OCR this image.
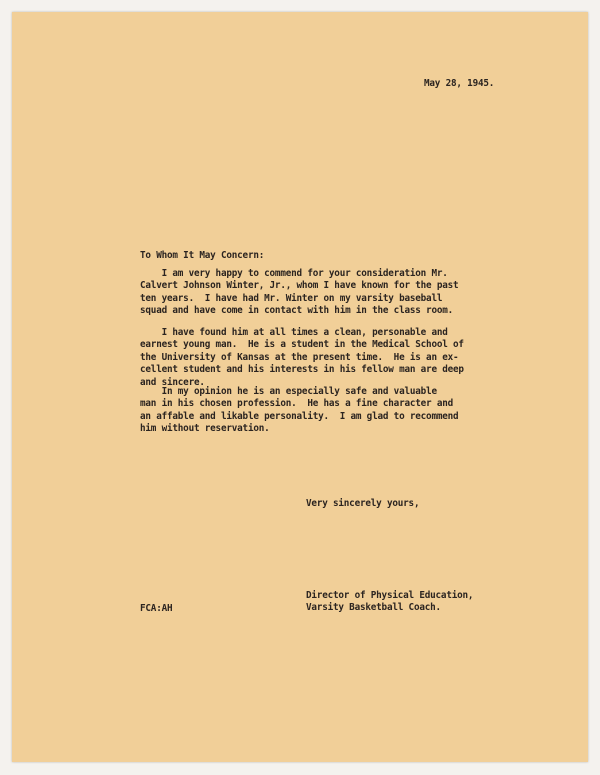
May 28, 1945.
To Whom It May Concern:
I am very happy to commend for your consideration Mr.
Calvert Johnson Winter, Jr., whom I have known for the past
ten years.  I have had Mr. Winter on my varsity baseball
squad and have come in contact with him in the class room.
I have found him at all times a clean, personable and
earnest young man.  He is a student in the Medical School of
the University of Kansas at the present time.  He is an ex-
cellent student and his interests in his fellow man are deep
and sincere.
In my opinion he is an especially safe and valuable
man in his chosen profession.  He has a fine character and
an affable and likable personality.  I am glad to recommend
him without reservation.
Very sincerely yours,
Director of Physical Education,
Varsity Basketball Coach.
FCA:AH
